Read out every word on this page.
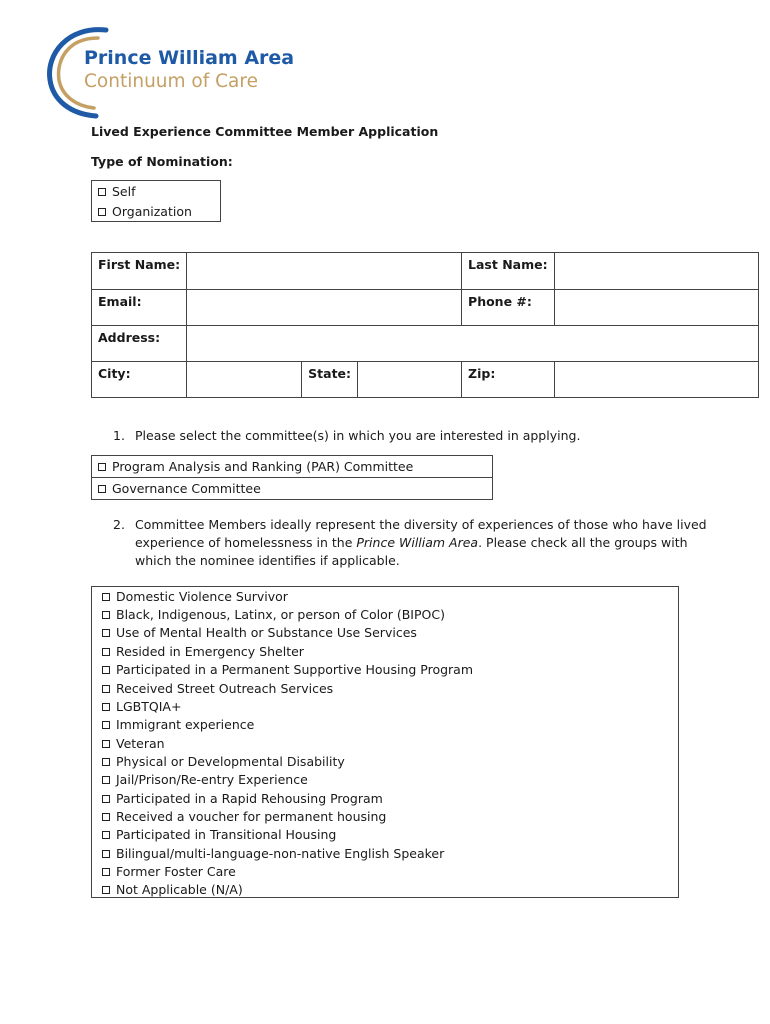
Prince William Area
Continuum of Care
Lived Experience Committee Member Application
Type of Nomination:
Self
Organization
First Name:				Last Name:	
Email:				Phone #:	
Address:					
City:		State:		Zip:	
1. Please select the committee(s) in which you are interested in applying.
Program Analysis and Ranking (PAR) Committee
Governance Committee
2. Committee Members ideally represent the diversity of experiences of those who have lived
experience of homelessness in the Prince William Area. Please check all the groups with
which the nominee identifies if applicable.
Domestic Violence Survivor
Black, Indigenous, Latinx, or person of Color (BIPOC)
Use of Mental Health or Substance Use Services
Resided in Emergency Shelter
Participated in a Permanent Supportive Housing Program
Received Street Outreach Services
LGBTQIA+
Immigrant experience
Veteran
Physical or Developmental Disability
Jail/Prison/Re-entry Experience
Participated in a Rapid Rehousing Program
Received a voucher for permanent housing
Participated in Transitional Housing
Bilingual/multi-language-non-native English Speaker
Former Foster Care
Not Applicable (N/A)
